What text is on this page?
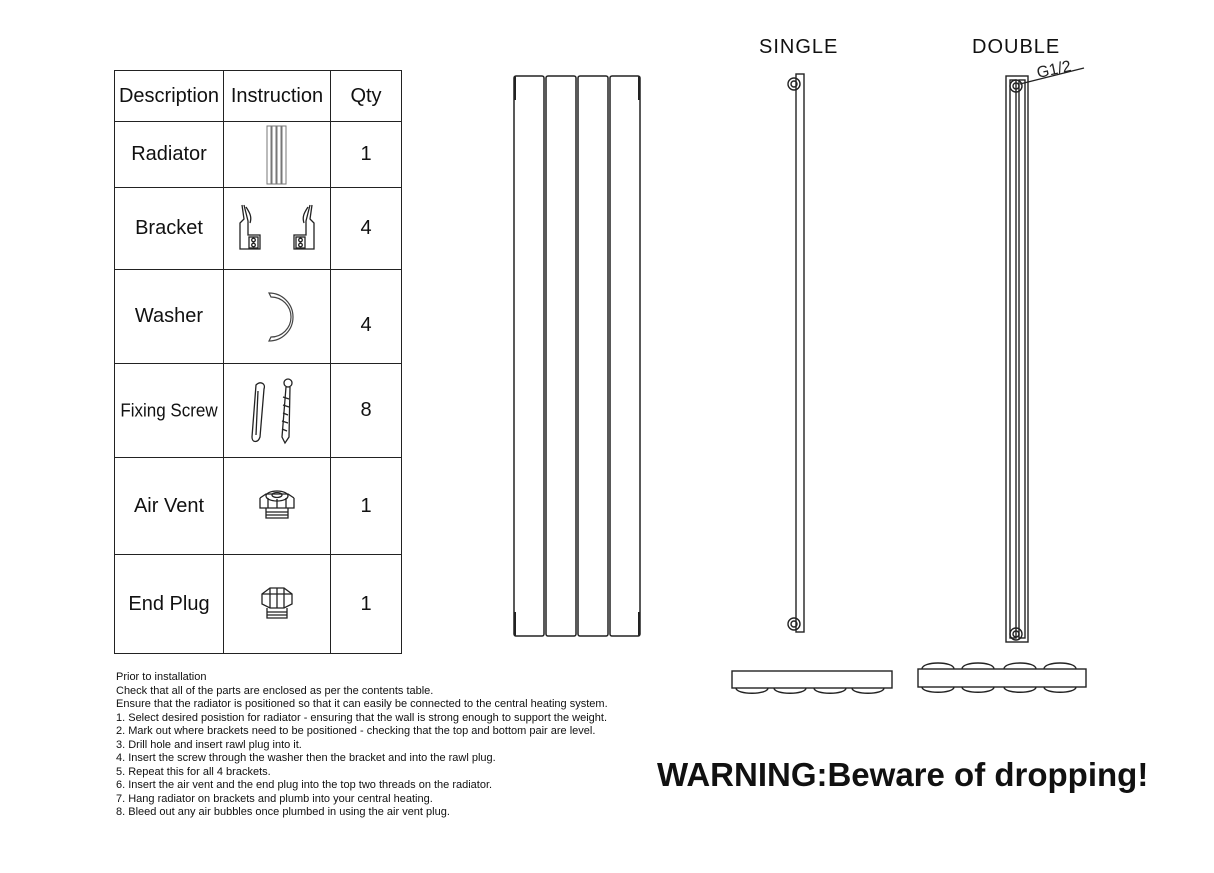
Description	Instruction	Qty
Radiator		1
Bracket		4
Washer		4
Fixing Screw		8
Air Vent		1
End Plug		1
SINGLE	DOUBLE
G1/2
Prior to installation
Check that all of the parts are enclosed as per the contents table.
Ensure that the radiator is positioned so that it can easily be connected to the central heating system.
1. Select desired posistion for radiator - ensuring that the wall is strong enough to support the weight.
2. Mark out where brackets need to be positioned - checking that the top and bottom pair are level.
3. Drill hole and insert rawl plug into it.
4. Insert the screw through the washer then the bracket and into the rawl plug.
5. Repeat this for all 4 brackets.
6. Insert the air vent and the end plug into the top two threads on the radiator.
7. Hang radiator on brackets and plumb into your central heating.
8. Bleed out any air bubbles once plumbed in using the air vent plug.
WARNING:Beware of dropping!
